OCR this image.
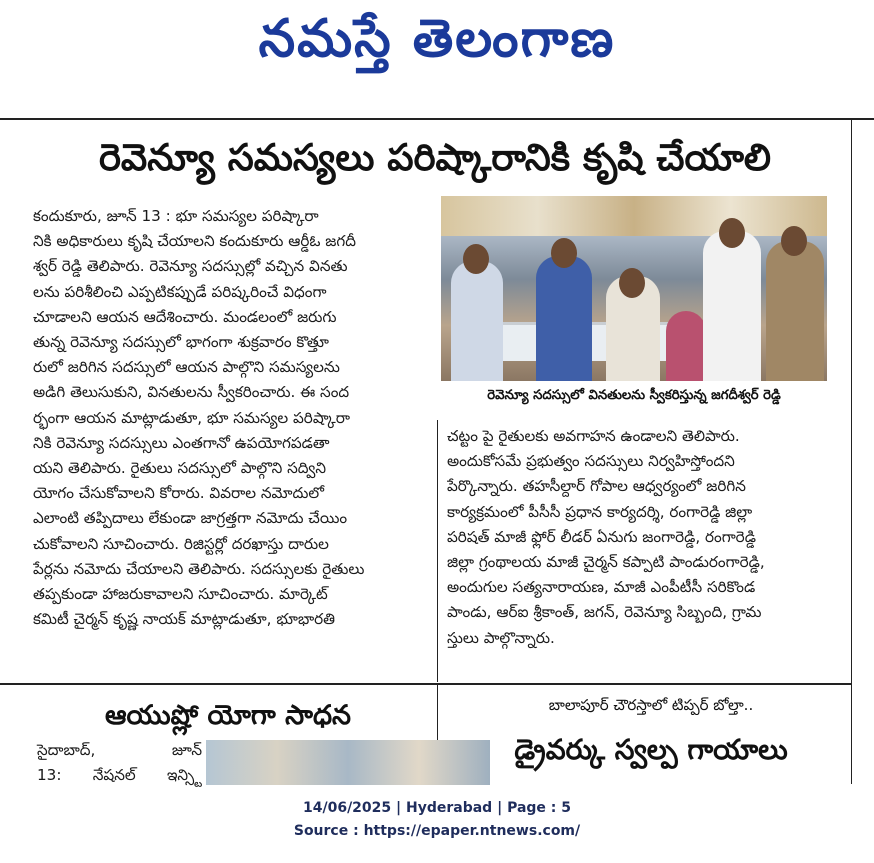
నమస్తే తెలంగాణ
రెవెన్యూ సమస్యలు పరిష్కారానికి కృషి చేయాలి

కందుకూరు, జూన్ 13 : భూ సమస్యల పరిష్కారా

నికి అధికారులు కృషి చేయాలని కందుకూరు ఆర్డీఓ జగదీ

శ్వర్ రెడ్డి తెలిపారు. రెవెన్యూ సదస్సుల్లో వచ్చిన వినతు

లను పరిశీలించి ఎప్పటికప్పుడే పరిష్కరించే విధంగా

చూడాలని ఆయన ఆదేశించారు. మండలంలో జరుగు

తున్న రెవెన్యూ సదస్సులో భాగంగా శుక్రవారం కొత్తూ

రులో జరిగిన సదస్సులో ఆయన పాల్గొని సమస్యలను

అడిగి తెలుసుకుని, వినతులను స్వీకరించారు. ఈ సంద

ర్భంగా ఆయన మాట్లాడుతూ, భూ సమస్యల పరిష్కారా

నికి రెవెన్యూ సదస్సులు ఎంతగానో ఉపయోగపడతా

యని తెలిపారు. రైతులు సదస్సులో పాల్గొని సద్విని

యోగం చేసుకోవాలని కోరారు. వివరాల నమోదులో

ఎలాంటి తప్పిదాలు లేకుండా జాగ్రత్తగా నమోదు చేయిం

చుకోవాలని సూచించారు. రిజిస్టర్లో దరఖాస్తు దారుల

పేర్లను నమోదు చేయాలని తెలిపారు. సదస్సులకు రైతులు

తప్పకుండా హాజరుకావాలని సూచించారు. మార్కెట్

కమిటీ చైర్మన్ కృష్ణ నాయక్ మాట్లాడుతూ, భూభారతి

రెవెన్యూ సదస్సులో వినతులను స్వీకరిస్తున్న జగదీశ్వర్ రెడ్డి

చట్టం పై రైతులకు అవగాహన ఉండాలని తెలిపారు.

అందుకోసమే ప్రభుత్వం సదస్సులు నిర్వహిస్తోందని

పేర్కొన్నారు. తహసీల్దార్ గోపాల ఆధ్వర్యంలో జరిగిన

కార్యక్రమంలో పీసీసీ ప్రధాన కార్యదర్శి, రంగారెడ్డి జిల్లా

పరిషత్ మాజీ ఫ్లోర్ లీడర్ ఏనుగు జంగారెడ్డి, రంగారెడ్డి

జిల్లా గ్రంథాలయ మాజీ చైర్మన్ కప్పాటి పాండురంగారెడ్డి,

అందుగుల సత్యనారాయణ, మాజీ ఎంపీటీసీ సరికొండ

పాండు, ఆర్ఐ శ్రీకాంత్, జగన్, రెవెన్యూ సిబ్బంది, గ్రామ

స్తులు పాల్గొన్నారు.

ఆయుష్లో యోగా సాధన

సైదాబాద్,	జూన్

13: నేషనల్ ఇన్స్టి

బాలాపూర్ చౌరస్తాలో టిప్పర్ బోల్తా..
డ్రైవర్కు స్వల్ప గాయాలు
14/06/2025 | Hyderabad | Page : 5
Source : https://epaper.ntnews.com/
